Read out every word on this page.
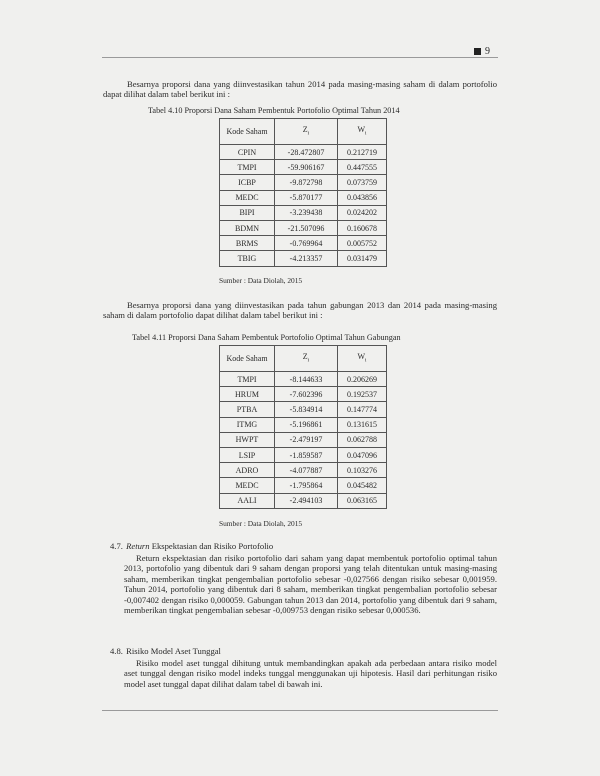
9

Besarnya proporsi dana yang diinvestasikan tahun 2014 pada masing-masing saham di dalam portofolio dapat dilihat dalam tabel berikut ini :

Tabel 4.10 Proporsi Dana Saham Pembentuk Portofolio Optimal Tahun 2014
Kode Saham	$Z_i$	$W_i$
CPIN	-28.472807	0.212719
TMPI	-59.906167	0.447555
ICBP	-9.872798	0.073759
MEDC	-5.870177	0.043856
BIPI	-3.239438	0.024202
BDMN	-21.507096	0.160678
BRMS	-0.769964	0.005752
TBIG	-4.213357	0.031479
Sumber : Data Diolah, 2015

Besarnya proporsi dana yang diinvestasikan pada tahun gabungan 2013 dan 2014 pada masing-masing saham di dalam portofolio dapat dilihat dalam tabel berikut ini :

Tabel 4.11 Proporsi Dana Saham Pembentuk Portofolio Optimal Tahun Gabungan
Kode Saham	$Z_i$	$W_i$
TMPI	-8.144633	0.206269
HRUM	-7.602396	0.192537
PTBA	-5.834914	0.147774
ITMG	-5.196861	0.131615
HWPT	-2.479197	0.062788
LSIP	-1.859587	0.047096
ADRO	-4.077887	0.103276
MEDC	-1.795864	0.045482
AALI	-2.494103	0.063165
Sumber : Data Diolah, 2015
4.7. Return Ekspektasian dan Risiko Portofolio

Return ekspektasian dan risiko portofolio dari saham yang dapat membentuk portofolio optimal tahun 2013, portofolio yang dibentuk dari 9 saham dengan proporsi yang telah ditentukan untuk masing-masing saham, memberikan tingkat pengembalian portofolio sebesar -0,027566 dengan risiko sebesar 0,001959. Tahun 2014, portofolio yang dibentuk dari 8 saham, memberikan tingkat pengembalian portofolio sebesar -0,007402 dengan risiko 0,000059. Gabungan tahun 2013 dan 2014, portofolio yang dibentuk dari 9 saham, memberikan tingkat pengembalian sebesar -0,009753 dengan risiko sebesar 0,000536.

4.8. Risiko Model Aset Tunggal

Risiko model aset tunggal dihitung untuk membandingkan apakah ada perbedaan antara risiko model aset tunggal dengan risiko model indeks tunggal menggunakan uji hipotesis. Hasil dari perhitungan risiko model aset tunggal dapat dilihat dalam tabel di bawah ini.
